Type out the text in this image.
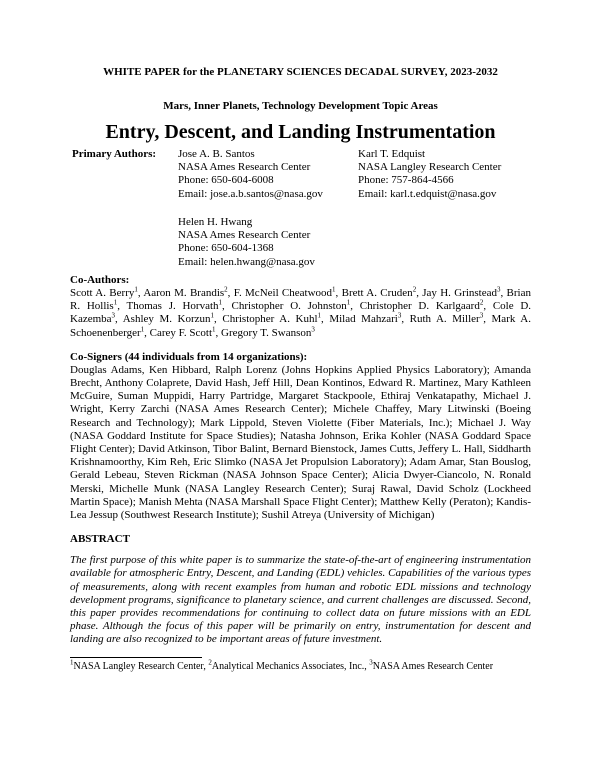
WHITE PAPER for the PLANETARY SCIENCES DECADAL SURVEY, 2023-2032
Mars, Inner Planets, Technology Development Topic Areas
Entry, Descent, and Landing Instrumentation
Primary Authors: Jose A. B. Santos
NASA Ames Research Center
Phone: 650-604-6008
Email: jose.a.b.santos@nasa.gov
Karl T. Edquist
NASA Langley Research Center
Phone: 757-864-4566
Email: karl.t.edquist@nasa.gov
Helen H. Hwang
NASA Ames Research Center
Phone: 650-604-1368
Email: helen.hwang@nasa.gov
Co-Authors:
Scott A. Berry$^1$, Aaron M. Brandis$^2$, F. McNeil Cheatwood$^1$, Brett A. Cruden$^2$, Jay H. Grinstead$^3$, Brian R. Hollis$^1$, Thomas J. Horvath$^1$, Christopher O. Johnston$^1$, Christopher D. Karlgaard$^2$, Cole D. Kazemba$^3$, Ashley M. Korzun$^1$, Christopher A. Kuhl$^1$, Milad Mahzari$^3$, Ruth A. Miller$^3$, Mark A. Schoenenberger$^1$, Carey F. Scott$^1$, Gregory T. Swanson$^3$
Co-Signers (44 individuals from 14 organizations):
Douglas Adams, Ken Hibbard, Ralph Lorenz (Johns Hopkins Applied Physics Laboratory); Amanda Brecht, Anthony Colaprete, David Hash, Jeff Hill, Dean Kontinos, Edward R. Martinez, Mary Kathleen McGuire, Suman Muppidi, Harry Partridge, Margaret Stackpoole, Ethiraj Venkatapathy, Michael J. Wright, Kerry Zarchi (NASA Ames Research Center); Michele Chaffey, Mary Litwinski (Boeing Research and Technology); Mark Lippold, Steven Violette (Fiber Materials, Inc.); Michael J. Way (NASA Goddard Institute for Space Studies); Natasha Johnson, Erika Kohler (NASA Goddard Space Flight Center); David Atkinson, Tibor Balint, Bernard Bienstock, James Cutts, Jeffery L. Hall, Siddharth Krishnamoorthy, Kim Reh, Eric Slimko (NASA Jet Propulsion Laboratory); Adam Amar, Stan Bouslog, Gerald Lebeau, Steven Rickman (NASA Johnson Space Center); Alicia Dwyer-Ciancolo, N. Ronald Merski, Michelle Munk (NASA Langley Research Center); Suraj Rawal, David Scholz (Lockheed Martin Space); Manish Mehta (NASA Marshall Space Flight Center); Matthew Kelly (Peraton); Kandis-Lea Jessup (Southwest Research Institute); Sushil Atreya (University of Michigan)
ABSTRACT
The first purpose of this white paper is to summarize the state-of-the-art of engineering instrumentation available for atmospheric Entry, Descent, and Landing (EDL) vehicles. Capabilities of the various types of measurements, along with recent examples from human and robotic EDL missions and technology development programs, significance to planetary science, and current challenges are discussed. Second, this paper provides recommendations for continuing to collect data on future missions with an EDL phase. Although the focus of this paper will be primarily on entry, instrumentation for descent and landing are also recognized to be important areas of future investment.
$^1$NASA Langley Research Center, $^2$Analytical Mechanics Associates, Inc., $^3$NASA Ames Research Center
